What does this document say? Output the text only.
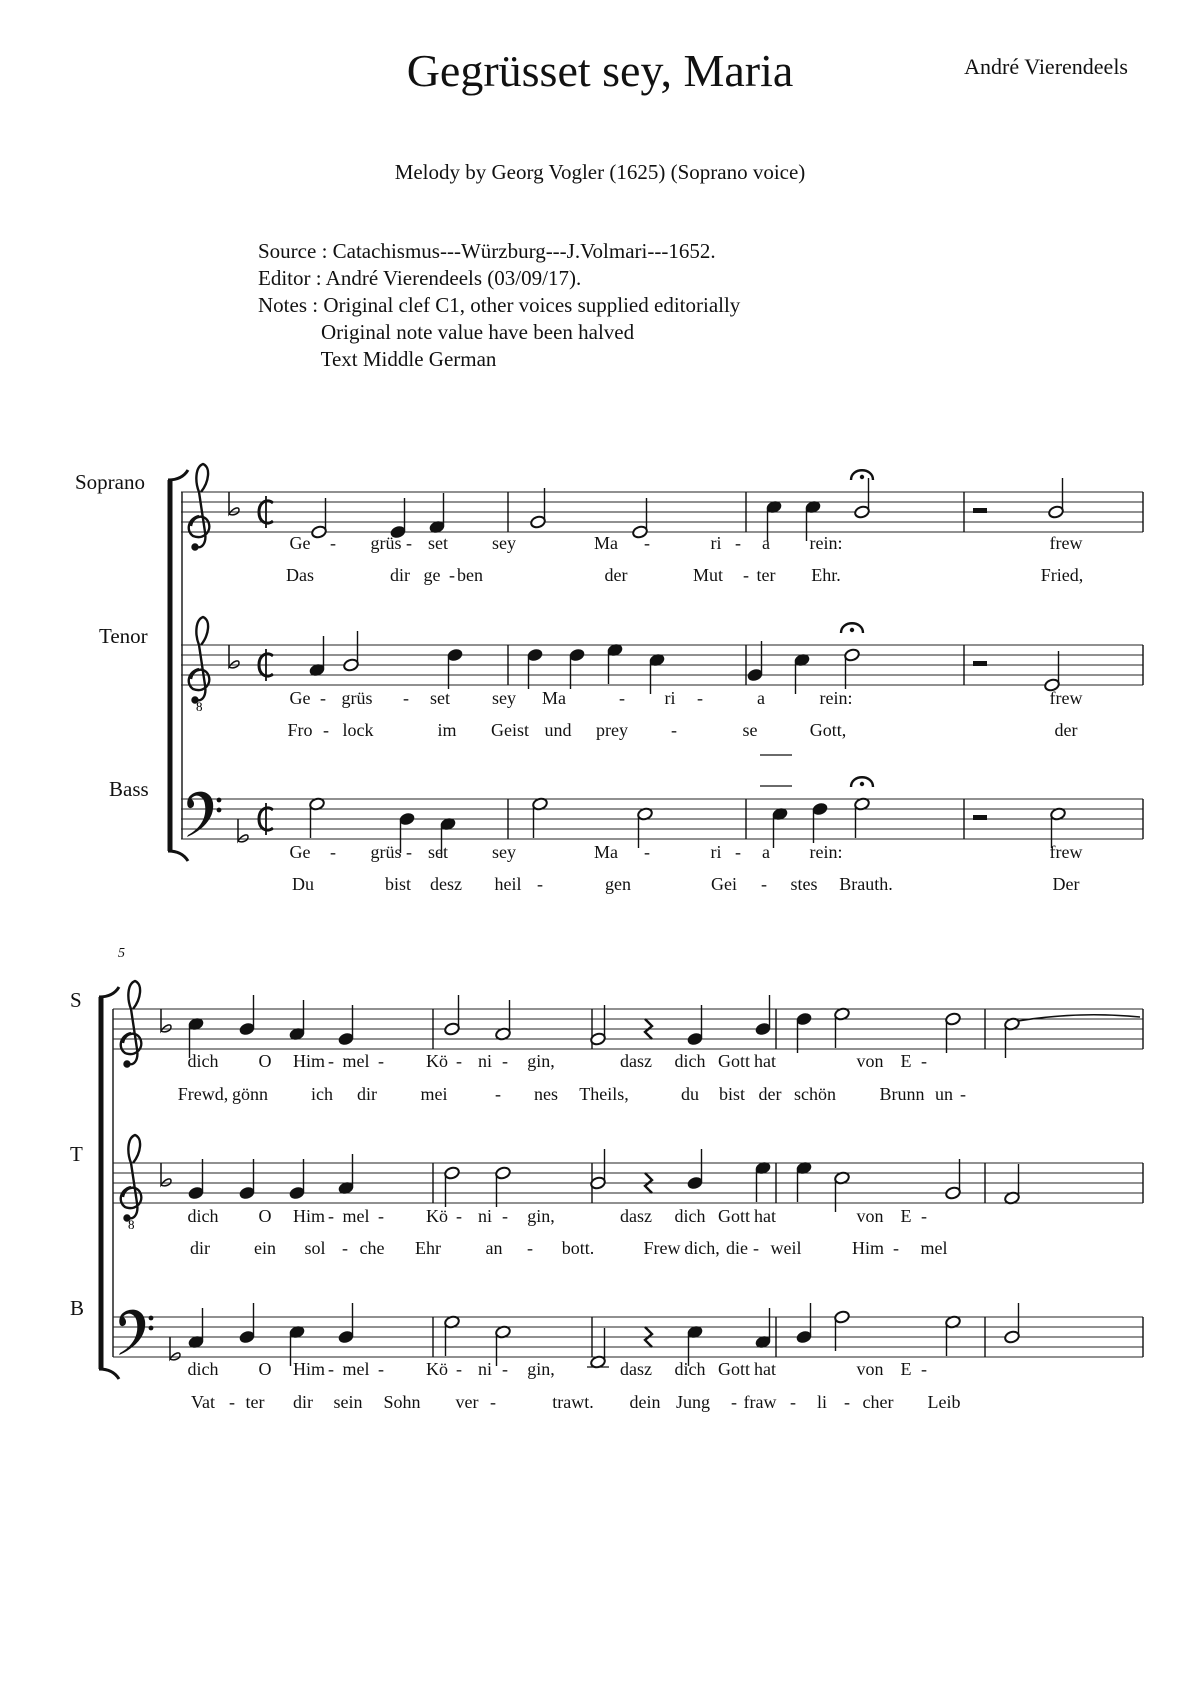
Gegrüsset sey, Maria	André Vierendeels
Melody by Georg Vogler (1625) (Soprano voice)
Source : Catachismus---Würzburg---J.Volmari---1652.
Editor : André Vierendeels (03/09/17).
Notes : Original clef C1, other voices supplied editorially
Original note value have been halved
Text Middle German
Soprano
Tenor
Bass
S
T
B
5
8
8
Ge - grüs - set sey	Ma -	ri - a rein:	frew
Das	dir ge - ben	der	Mut - ter Ehr.	Fried,
Ge - grüs - set sey Ma	- ri -	a	rein:	frew
Fro - lock	im Geist und prey -	se	Gott,	der
Ge - grüs - set sey	Ma -	ri - a rein:	frew
Du	bist desz heil -	gen	Gei - stes Brauth.	Der
dich O Him - mel - Kö - ni - gin,	dasz dich Gott hat	von E -
Frewd, gönn ich dir mei	- nes Theils,	du bist der schön Brunn un -
dich O Him - mel - Kö - ni - gin,	dasz dich Gott hat	von E -
dir ein sol - che Ehr an - bott.	Frew dich, die - weil	Him - mel
dich O Him - mel - Kö - ni - gin,	dasz dich Gott hat	von E -
Vat - ter dir sein Sohn ver -	trawt. dein Jung - fraw - li - cher Leib
